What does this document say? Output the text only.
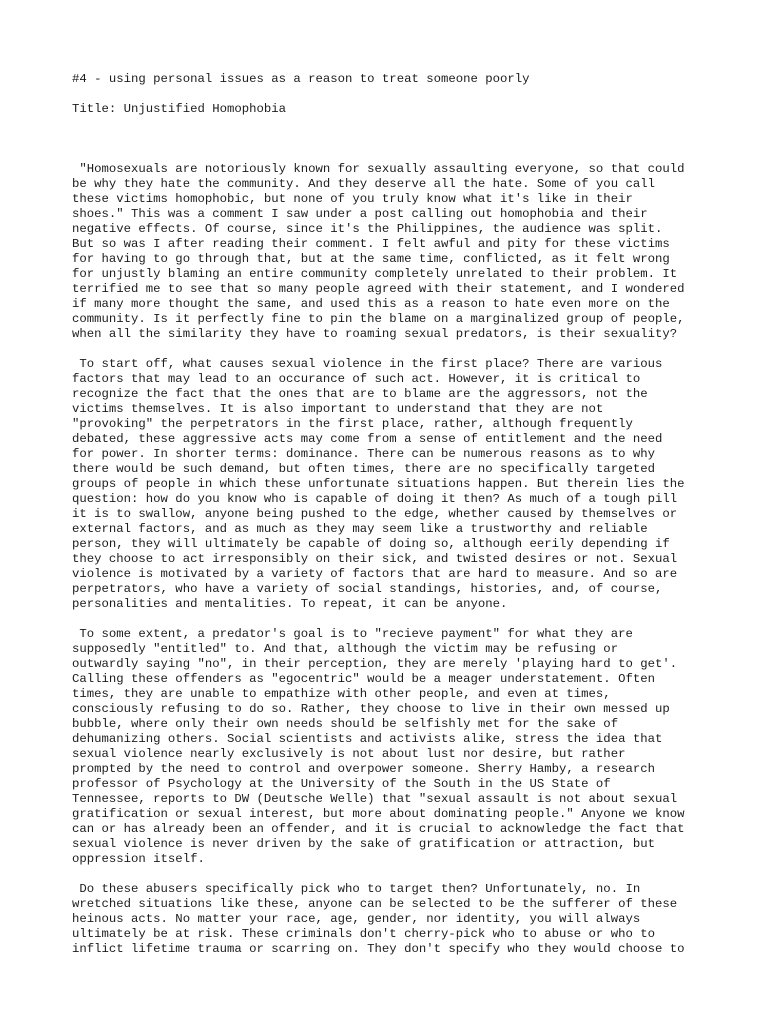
#4 - using personal issues as a reason to treat someone poorly
Title: Unjustified Homophobia
"Homosexuals are notoriously known for sexually assaulting everyone, so that could
be why they hate the community. And they deserve all the hate. Some of you call
these victims homophobic, but none of you truly know what it's like in their
shoes." This was a comment I saw under a post calling out homophobia and their
negative effects. Of course, since it's the Philippines, the audience was split.
But so was I after reading their comment. I felt awful and pity for these victims
for having to go through that, but at the same time, conflicted, as it felt wrong
for unjustly blaming an entire community completely unrelated to their problem. It
terrified me to see that so many people agreed with their statement, and I wondered
if many more thought the same, and used this as a reason to hate even more on the
community. Is it perfectly fine to pin the blame on a marginalized group of people,
when all the similarity they have to roaming sexual predators, is their sexuality?
To start off, what causes sexual violence in the first place? There are various
factors that may lead to an occurance of such act. However, it is critical to
recognize the fact that the ones that are to blame are the aggressors, not the
victims themselves. It is also important to understand that they are not
"provoking" the perpetrators in the first place, rather, although frequently
debated, these aggressive acts may come from a sense of entitlement and the need
for power. In shorter terms: dominance. There can be numerous reasons as to why
there would be such demand, but often times, there are no specifically targeted
groups of people in which these unfortunate situations happen. But therein lies the
question: how do you know who is capable of doing it then? As much of a tough pill
it is to swallow, anyone being pushed to the edge, whether caused by themselves or
external factors, and as much as they may seem like a trustworthy and reliable
person, they will ultimately be capable of doing so, although eerily depending if
they choose to act irresponsibly on their sick, and twisted desires or not. Sexual
violence is motivated by a variety of factors that are hard to measure. And so are
perpetrators, who have a variety of social standings, histories, and, of course,
personalities and mentalities. To repeat, it can be anyone.
To some extent, a predator's goal is to "recieve payment" for what they are
supposedly "entitled" to. And that, although the victim may be refusing or
outwardly saying "no", in their perception, they are merely 'playing hard to get'.
Calling these offenders as "egocentric" would be a meager understatement. Often
times, they are unable to empathize with other people, and even at times,
consciously refusing to do so. Rather, they choose to live in their own messed up
bubble, where only their own needs should be selfishly met for the sake of
dehumanizing others. Social scientists and activists alike, stress the idea that
sexual violence nearly exclusively is not about lust nor desire, but rather
prompted by the need to control and overpower someone. Sherry Hamby, a research
professor of Psychology at the University of the South in the US State of
Tennessee, reports to DW (Deutsche Welle) that "sexual assault is not about sexual
gratification or sexual interest, but more about dominating people." Anyone we know
can or has already been an offender, and it is crucial to acknowledge the fact that
sexual violence is never driven by the sake of gratification or attraction, but
oppression itself.
Do these abusers specifically pick who to target then? Unfortunately, no. In
wretched situations like these, anyone can be selected to be the sufferer of these
heinous acts. No matter your race, age, gender, nor identity, you will always
ultimately be at risk. These criminals don't cherry-pick who to abuse or who to
inflict lifetime trauma or scarring on. They don't specify who they would choose to
